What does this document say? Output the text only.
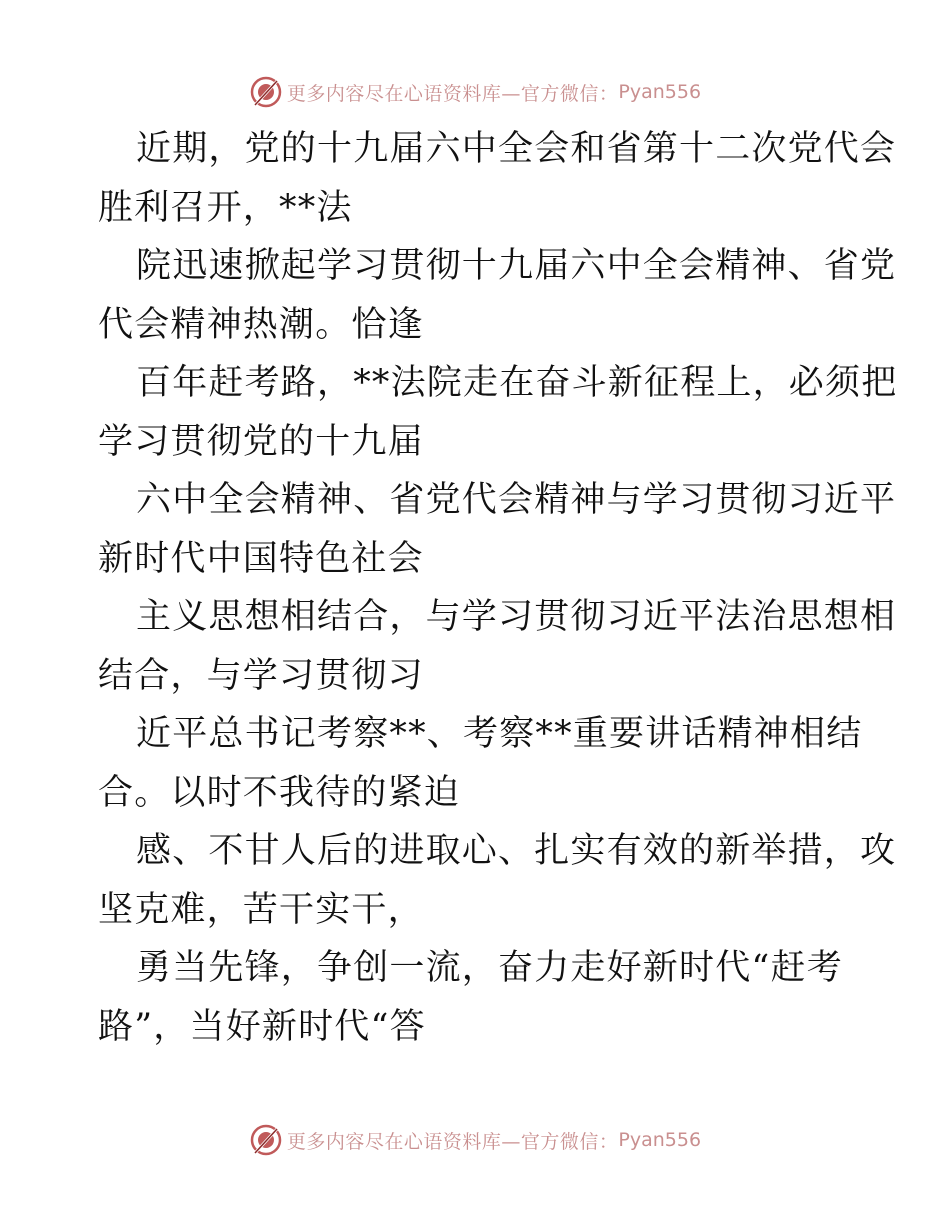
更多内容尽在心语资料库—官方微信： Pyan556
近期，党的十九届六中全会和省第十二次党代会
胜利召开，**法
院迅速掀起学习贯彻十九届六中全会精神、省党
代会精神热潮。恰逢
百年赶考路，**法院走在奋斗新征程上，必须把
学习贯彻党的十九届
六中全会精神、省党代会精神与学习贯彻习近平
新时代中国特色社会
主义思想相结合，与学习贯彻习近平法治思想相
结合，与学习贯彻习
近平总书记考察**、考察**重要讲话精神相结
合。以时不我待的紧迫
感、不甘人后的进取心、扎实有效的新举措，攻
坚克难，苦干实干，
勇当先锋，争创一流，奋力走好新时代“赶考
路”，当好新时代“答
更多内容尽在心语资料库—官方微信： Pyan556
